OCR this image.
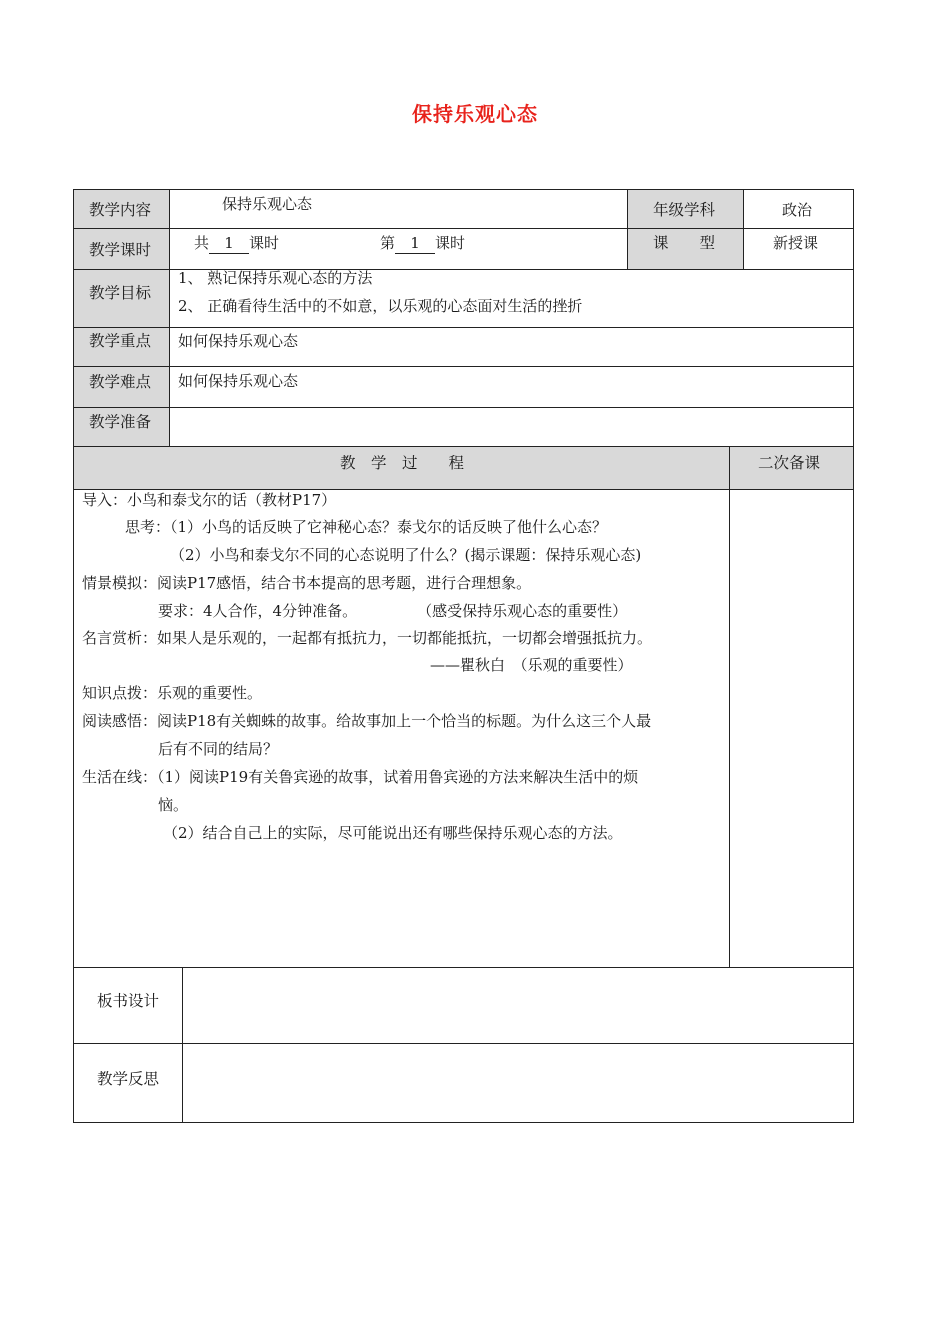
保持乐观心态
教学内容	保持乐观心态	年级学科	政治
教学课时	共 1 课时	第 1 课时	课　　型	新授课
教学目标
1、 熟记保持乐观心态的方法
2、 正确看待生活中的不如意，以乐观的心态面对生活的挫折
教学重点 如何保持乐观心态
教学难点 如何保持乐观心态
教学准备
教　学　过　　程	二次备课
导入：小鸟和泰戈尔的话（教材P17）
思考：（1）小鸟的话反映了它神秘心态？泰戈尔的话反映了他什么心态？
（2）小鸟和泰戈尔不同的心态说明了什么？(揭示课题：保持乐观心态)
情景模拟：阅读P17感悟，结合书本提高的思考题，进行合理想象。
要求：4人合作，4分钟准备。　　　　　（感受保持乐观心态的重要性）
名言赏析：如果人是乐观的，一起都有抵抗力，一切都能抵抗，一切都会增强抵抗力。
——瞿秋白　（乐观的重要性）
知识点拨：乐观的重要性。
阅读感悟：阅读P18有关蜘蛛的故事。给故事加上一个恰当的标题。为什么这三个人最
后有不同的结局？
生活在线：（1）阅读P19有关鲁宾逊的故事，试着用鲁宾逊的方法来解决生活中的烦
恼。
（2）结合自己上的实际，尽可能说出还有哪些保持乐观心态的方法。
板书设计
教学反思
